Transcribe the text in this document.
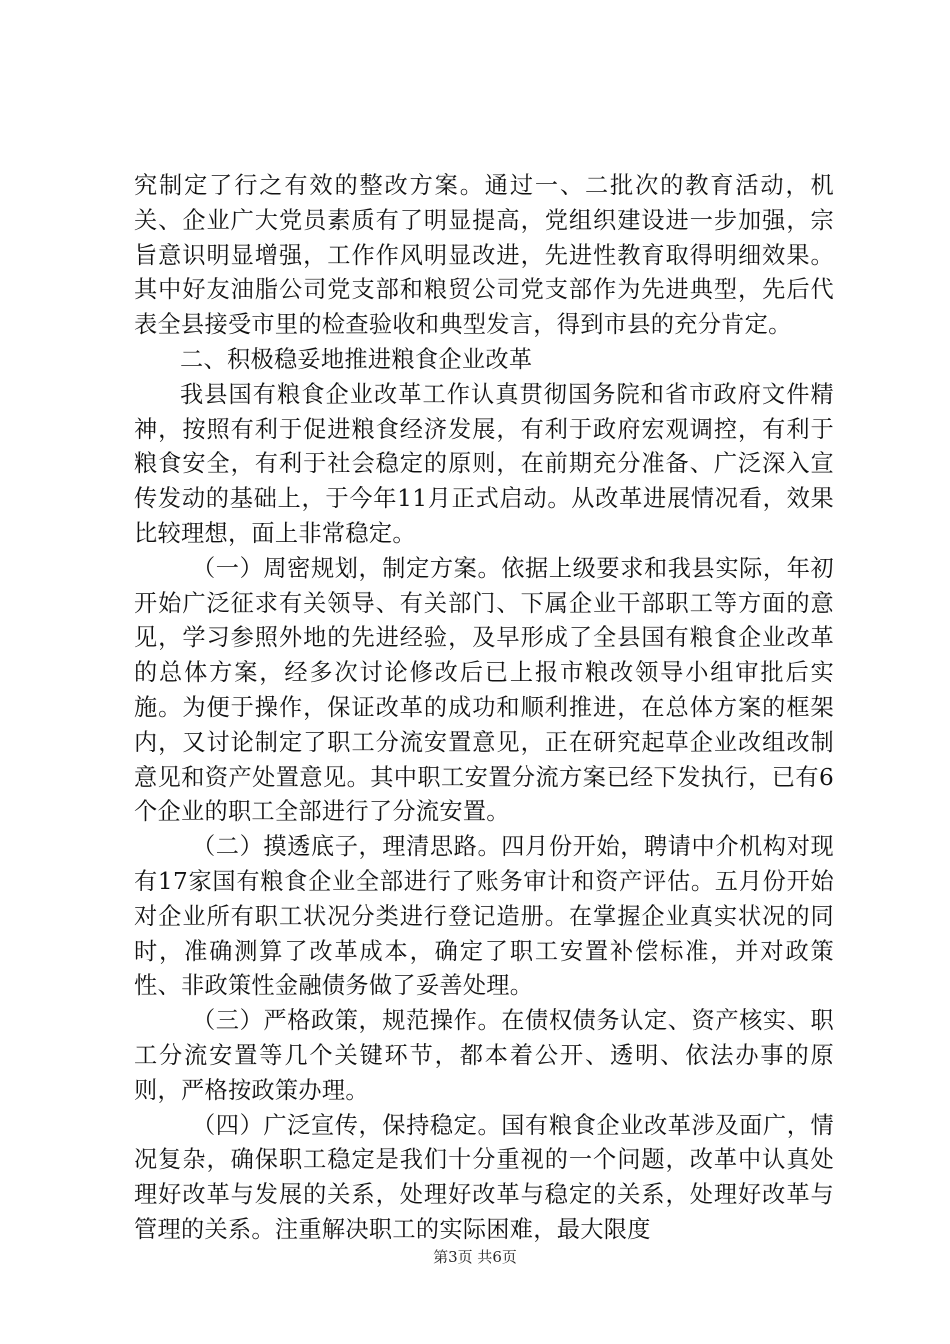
究制定了行之有效的整改方案。通过一、二批次的教育活动，机关、企业广大党员素质有了明显提高，党组织建设进一步加强，宗旨意识明显增强，工作作风明显改进，先进性教育取得明细效果。其中好友油脂公司党支部和粮贸公司党支部作为先进典型，先后代表全县接受市里的检查验收和典型发言，得到市县的充分肯定。

二、积极稳妥地推进粮食企业改革

我县国有粮食企业改革工作认真贯彻国务院和省市政府文件精神，按照有利于促进粮食经济发展，有利于政府宏观调控，有利于粮食安全，有利于社会稳定的原则，在前期充分准备、广泛深入宣传发动的基础上，于今年11月正式启动。从改革进展情况看，效果比较理想，面上非常稳定。

（一）周密规划，制定方案。依据上级要求和我县实际，年初开始广泛征求有关领导、有关部门、下属企业干部职工等方面的意见，学习参照外地的先进经验，及早形成了全县国有粮食企业改革的总体方案，经多次讨论修改后已上报市粮改领导小组审批后实施。为便于操作，保证改革的成功和顺利推进，在总体方案的框架内，又讨论制定了职工分流安置意见，正在研究起草企业改组改制意见和资产处置意见。其中职工安置分流方案已经下发执行，已有6个企业的职工全部进行了分流安置。

（二）摸透底子，理清思路。四月份开始，聘请中介机构对现有17家国有粮食企业全部进行了账务审计和资产评估。五月份开始对企业所有职工状况分类进行登记造册。在掌握企业真实状况的同时，准确测算了改革成本，确定了职工安置补偿标准，并对政策性、非政策性金融债务做了妥善处理。

（三）严格政策，规范操作。在债权债务认定、资产核实、职工分流安置等几个关键环节，都本着公开、透明、依法办事的原则，严格按政策办理。

（四）广泛宣传，保持稳定。国有粮食企业改革涉及面广，情况复杂，确保职工稳定是我们十分重视的一个问题，改革中认真处理好改革与发展的关系，处理好改革与稳定的关系，处理好改革与管理的关系。注重解决职工的实际困难，最大限度

第3页 共6页
